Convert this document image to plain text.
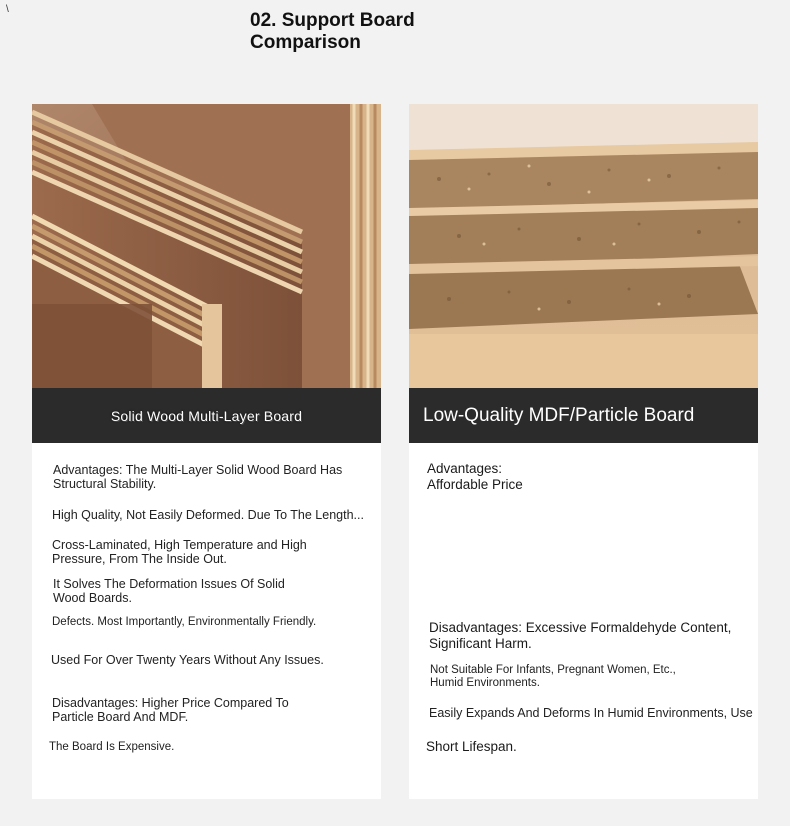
\
02. Support Board
Comparison
Solid Wood Multi-Layer Board
Advantages: The Multi-Layer Solid Wood Board Has Structural Stability.
High Quality, Not Easily Deformed. Due To The Length...
Cross-Laminated, High Temperature and High Pressure, From The Inside Out.
It Solves The Deformation Issues Of Solid Wood Boards.
Defects. Most Importantly, Environmentally Friendly.
Used For Over Twenty Years Without Any Issues.
Disadvantages: Higher Price Compared To Particle Board And MDF.
The Board Is Expensive.
Low-Quality MDF/Particle Board
Advantages:
Affordable Price
Disadvantages: Excessive Formaldehyde Content, Significant Harm.
Not Suitable For Infants, Pregnant Women, Etc., Humid Environments.
Easily Expands And Deforms In Humid Environments, Use
Short Lifespan.
